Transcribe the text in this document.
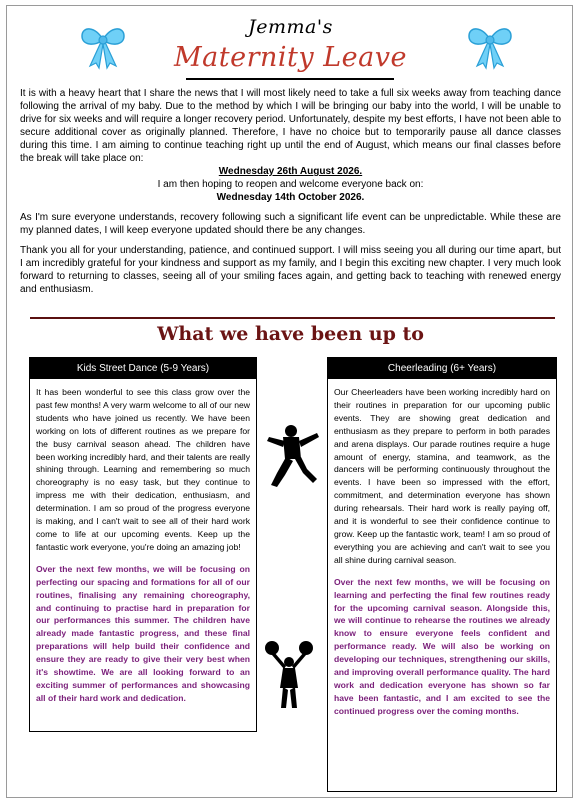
Jemma's
Maternity Leave

It is with a heavy heart that I share the news that I will most likely need to take a full six weeks away from teaching dance following the arrival of my baby. Due to the method by which I will be bringing our baby into the world, I will be unable to drive for six weeks and will require a longer recovery period. Unfortunately, despite my best efforts, I have not been able to secure additional cover as originally planned. Therefore, I have no choice but to temporarily pause all dance classes during this time. I am aiming to continue teaching right up until the end of August, which means our final classes before the break will take place on:

Wednesday 26th August 2026.

I am then hoping to reopen and welcome everyone back on:

Wednesday 14th October 2026.

As I'm sure everyone understands, recovery following such a significant life event can be unpredictable. While these are my planned dates, I will keep everyone updated should there be any changes.

Thank you all for your understanding, patience, and continued support. I will miss seeing you all during our time apart, but I am incredibly grateful for your kindness and support as my family, and I begin this exciting new chapter. I very much look forward to returning to classes, seeing all of your smiling faces again, and getting back to teaching with renewed energy and enthusiasm.

What we have been up to
Kids Street Dance (5-9 Years)

It has been wonderful to see this class grow over the past few months! A very warm welcome to all of our new students who have joined us recently. We have been working on lots of different routines as we prepare for the busy carnival season ahead. The children have been working incredibly hard, and their talents are really shining through. Learning and remembering so much choreography is no easy task, but they continue to impress me with their dedication, enthusiasm, and determination. I am so proud of the progress everyone is making, and I can't wait to see all of their hard work come to life at our upcoming events. Keep up the fantastic work everyone, you're doing an amazing job!

Over the next few months, we will be focusing on perfecting our spacing and formations for all of our routines, finalising any remaining choreography, and continuing to practise hard in preparation for our performances this summer. The children have already made fantastic progress, and these final preparations will help build their confidence and ensure they are ready to give their very best when it's showtime. We are all looking forward to an exciting summer of performances and showcasing all of their hard work and dedication.

Cheerleading (6+ Years)

Our Cheerleaders have been working incredibly hard on their routines in preparation for our upcoming public events. They are showing great dedication and enthusiasm as they prepare to perform in both parades and arena displays. Our parade routines require a huge amount of energy, stamina, and teamwork, as the dancers will be performing continuously throughout the events. I have been so impressed with the effort, commitment, and determination everyone has shown during rehearsals. Their hard work is really paying off, and it is wonderful to see their confidence continue to grow. Keep up the fantastic work, team! I am so proud of everything you are achieving and can't wait to see you all shine during carnival season.

Over the next few months, we will be focusing on learning and perfecting the final few routines ready for the upcoming carnival season. Alongside this, we will continue to rehearse the routines we already know to ensure everyone feels confident and performance ready. We will also be working on developing our techniques, strengthening our skills, and improving overall performance quality. The hard work and dedication everyone has shown so far have been fantastic, and I am excited to see the continued progress over the coming months.
